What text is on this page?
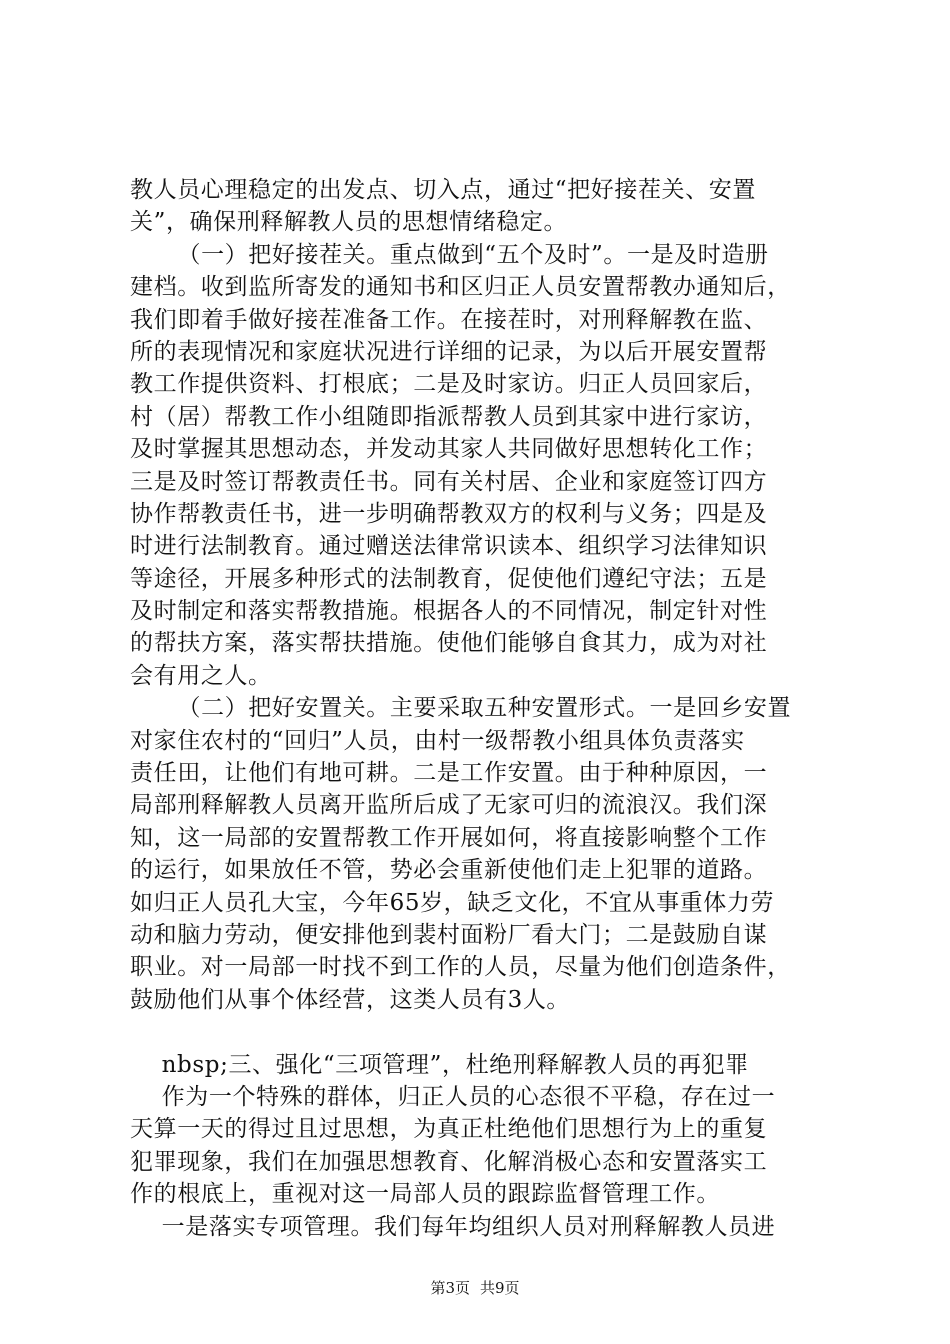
教人员心理稳定的出发点、切入点，通过“把好接茬关、安置
关”，确保刑释解教人员的思想情绪稳定。
（一）把好接茬关。重点做到“五个及时”。一是及时造册
建档。收到监所寄发的通知书和区归正人员安置帮教办通知后，
我们即着手做好接茬准备工作。在接茬时，对刑释解教在监、
所的表现情况和家庭状况进行详细的记录，为以后开展安置帮
教工作提供资料、打根底；二是及时家访。归正人员回家后，
村（居）帮教工作小组随即指派帮教人员到其家中进行家访，
及时掌握其思想动态，并发动其家人共同做好思想转化工作；
三是及时签订帮教责任书。同有关村居、企业和家庭签订四方
协作帮教责任书，进一步明确帮教双方的权利与义务；四是及
时进行法制教育。通过赠送法律常识读本、组织学习法律知识
等途径，开展多种形式的法制教育，促使他们遵纪守法；五是
及时制定和落实帮教措施。根据各人的不同情况，制定针对性
的帮扶方案，落实帮扶措施。使他们能够自食其力，成为对社
会有用之人。
（二）把好安置关。主要采取五种安置形式。一是回乡安置
对家住农村的“回归”人员，由村一级帮教小组具体负责落实
责任田，让他们有地可耕。二是工作安置。由于种种原因，一
局部刑释解教人员离开监所后成了无家可归的流浪汉。我们深
知，这一局部的安置帮教工作开展如何，将直接影响整个工作
的运行，如果放任不管，势必会重新使他们走上犯罪的道路。
如归正人员孔大宝，今年65岁，缺乏文化，不宜从事重体力劳
动和脑力劳动，便安排他到裴村面粉厂看大门；二是鼓励自谋
职业。对一局部一时找不到工作的人员，尽量为他们创造条件，
鼓励他们从事个体经营，这类人员有3人。
nbsp;三、强化“三项管理”，杜绝刑释解教人员的再犯罪
作为一个特殊的群体，归正人员的心态很不平稳，存在过一
天算一天的得过且过思想，为真正杜绝他们思想行为上的重复
犯罪现象，我们在加强思想教育、化解消极心态和安置落实工
作的根底上，重视对这一局部人员的跟踪监督管理工作。
一是落实专项管理。我们每年均组织人员对刑释解教人员进
第3页 共9页
